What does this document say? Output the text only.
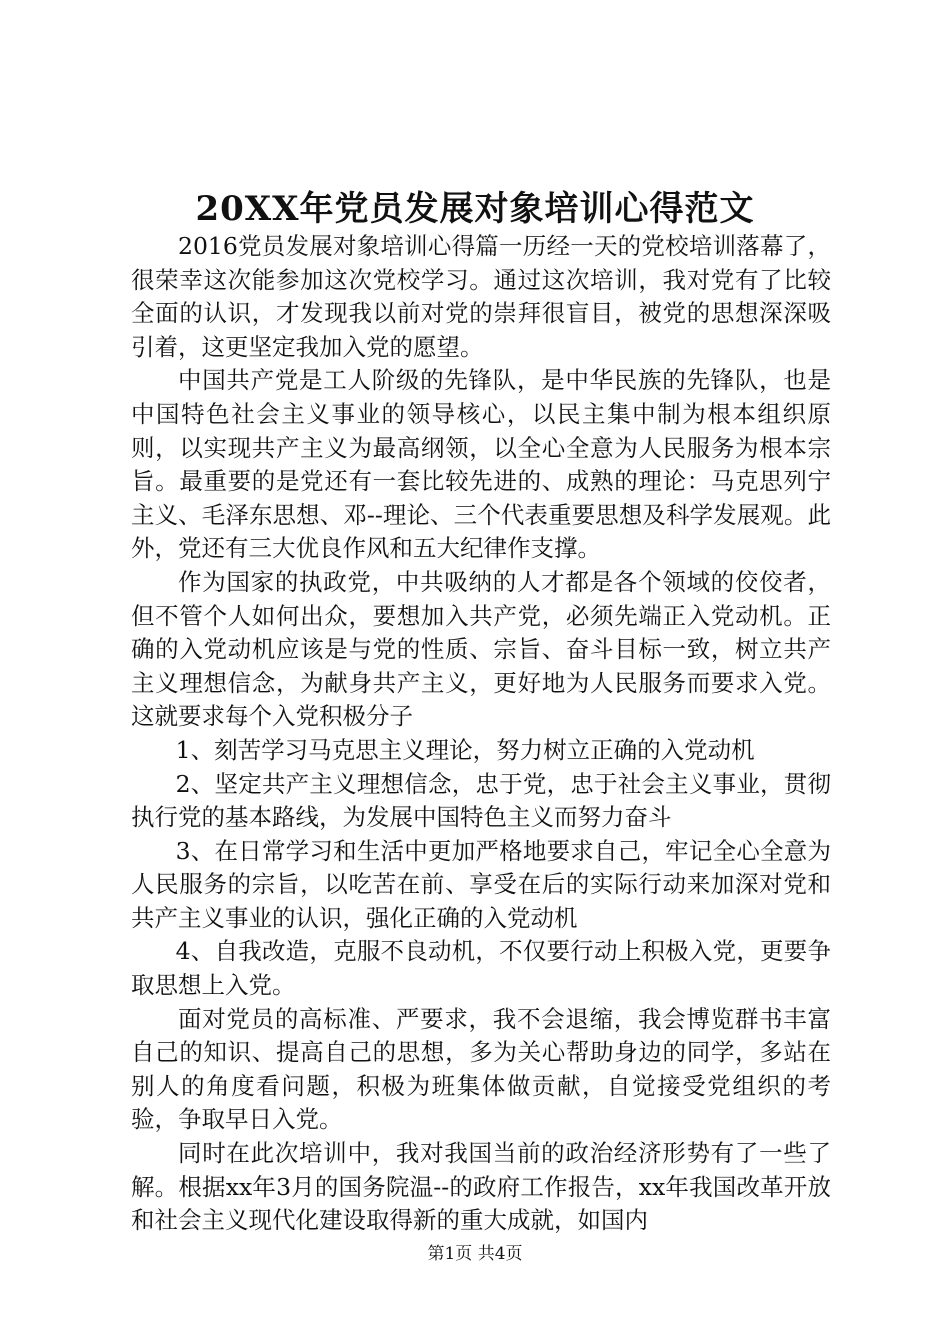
20XX年党员发展对象培训心得范文

2016党员发展对象培训心得篇一历经一天的党校培训落幕了，很荣幸这次能参加这次党校学习。通过这次培训，我对党有了比较全面的认识，才发现我以前对党的崇拜很盲目，被党的思想深深吸引着，这更坚定我加入党的愿望。

中国共产党是工人阶级的先锋队，是中华民族的先锋队，也是中国特色社会主义事业的领导核心，以民主集中制为根本组织原则，以实现共产主义为最高纲领，以全心全意为人民服务为根本宗旨。最重要的是党还有一套比较先进的、成熟的理论：马克思列宁主义、毛泽东思想、邓--理论、三个代表重要思想及科学发展观。此外，党还有三大优良作风和五大纪律作支撑。

作为国家的执政党，中共吸纳的人才都是各个领域的佼佼者，但不管个人如何出众，要想加入共产党，必须先端正入党动机。正确的入党动机应该是与党的性质、宗旨、奋斗目标一致，树立共产主义理想信念，为献身共产主义，更好地为人民服务而要求入党。这就要求每个入党积极分子

1、刻苦学习马克思主义理论，努力树立正确的入党动机

2、坚定共产主义理想信念，忠于党，忠于社会主义事业，贯彻执行党的基本路线，为发展中国特色主义而努力奋斗

3、在日常学习和生活中更加严格地要求自己，牢记全心全意为人民服务的宗旨，以吃苦在前、享受在后的实际行动来加深对党和共产主义事业的认识，强化正确的入党动机

4、自我改造，克服不良动机，不仅要行动上积极入党，更要争取思想上入党。

面对党员的高标准、严要求，我不会退缩，我会博览群书丰富自己的知识、提高自己的思想，多为关心帮助身边的同学，多站在别人的角度看问题，积极为班集体做贡献，自觉接受党组织的考验，争取早日入党。

同时在此次培训中，我对我国当前的政治经济形势有了一些了解。根据xx年3月的国务院温--的政府工作报告，xx年我国改革开放和社会主义现代化建设取得新的重大成就，如国内

第1页 共4页
